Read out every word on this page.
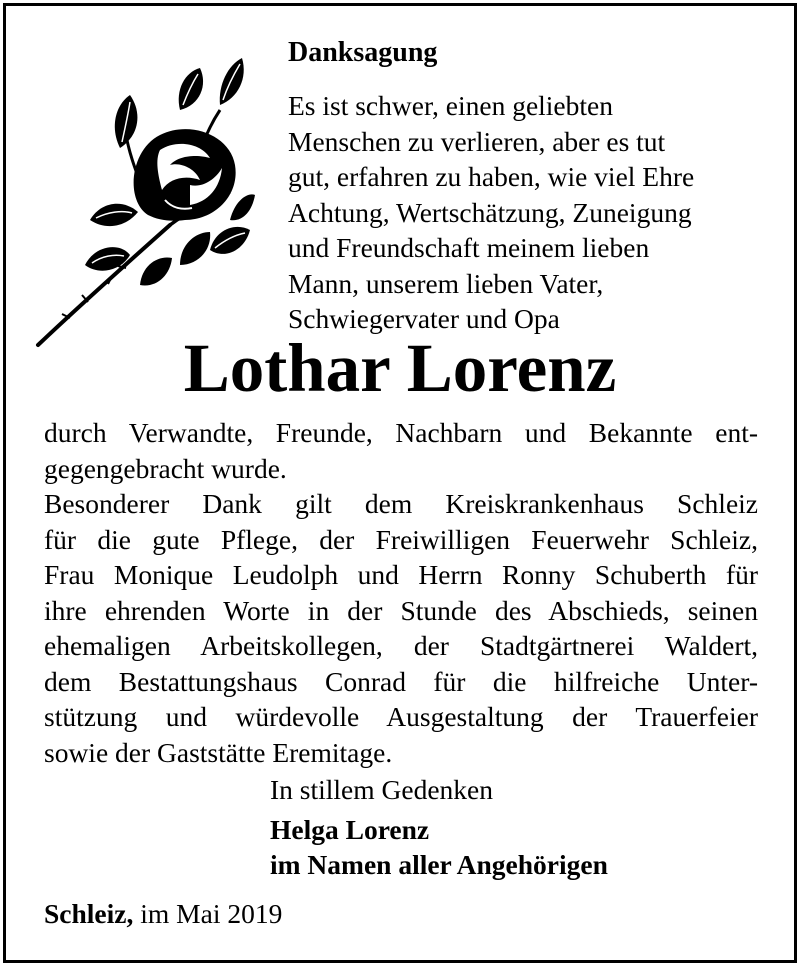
Danksagung
Es ist schwer, einen geliebten
Menschen zu verlieren, aber es tut
gut, erfahren zu haben, wie viel Ehre
Achtung, Wertschätzung, Zuneigung
und Freundschaft meinem lieben
Mann, unserem lieben Vater,
Schwiegervater und Opa
Lothar Lorenz
durch Verwandte, Freunde, Nachbarn und Bekannte ent-
gegengebracht wurde.
Besonderer Dank gilt dem Kreiskrankenhaus Schleiz
für die gute Pflege, der Freiwilligen Feuerwehr Schleiz,
Frau Monique Leudolph und Herrn Ronny Schuberth für
ihre ehrenden Worte in der Stunde des Abschieds, seinen
ehemaligen Arbeitskollegen, der Stadtgärtnerei Waldert,
dem Bestattungshaus Conrad für die hilfreiche Unter-
stützung und würdevolle Ausgestaltung der Trauerfeier
sowie der Gaststätte Eremitage.
In stillem Gedenken
Helga Lorenz
im Namen aller Angehörigen
Schleiz, im Mai 2019
